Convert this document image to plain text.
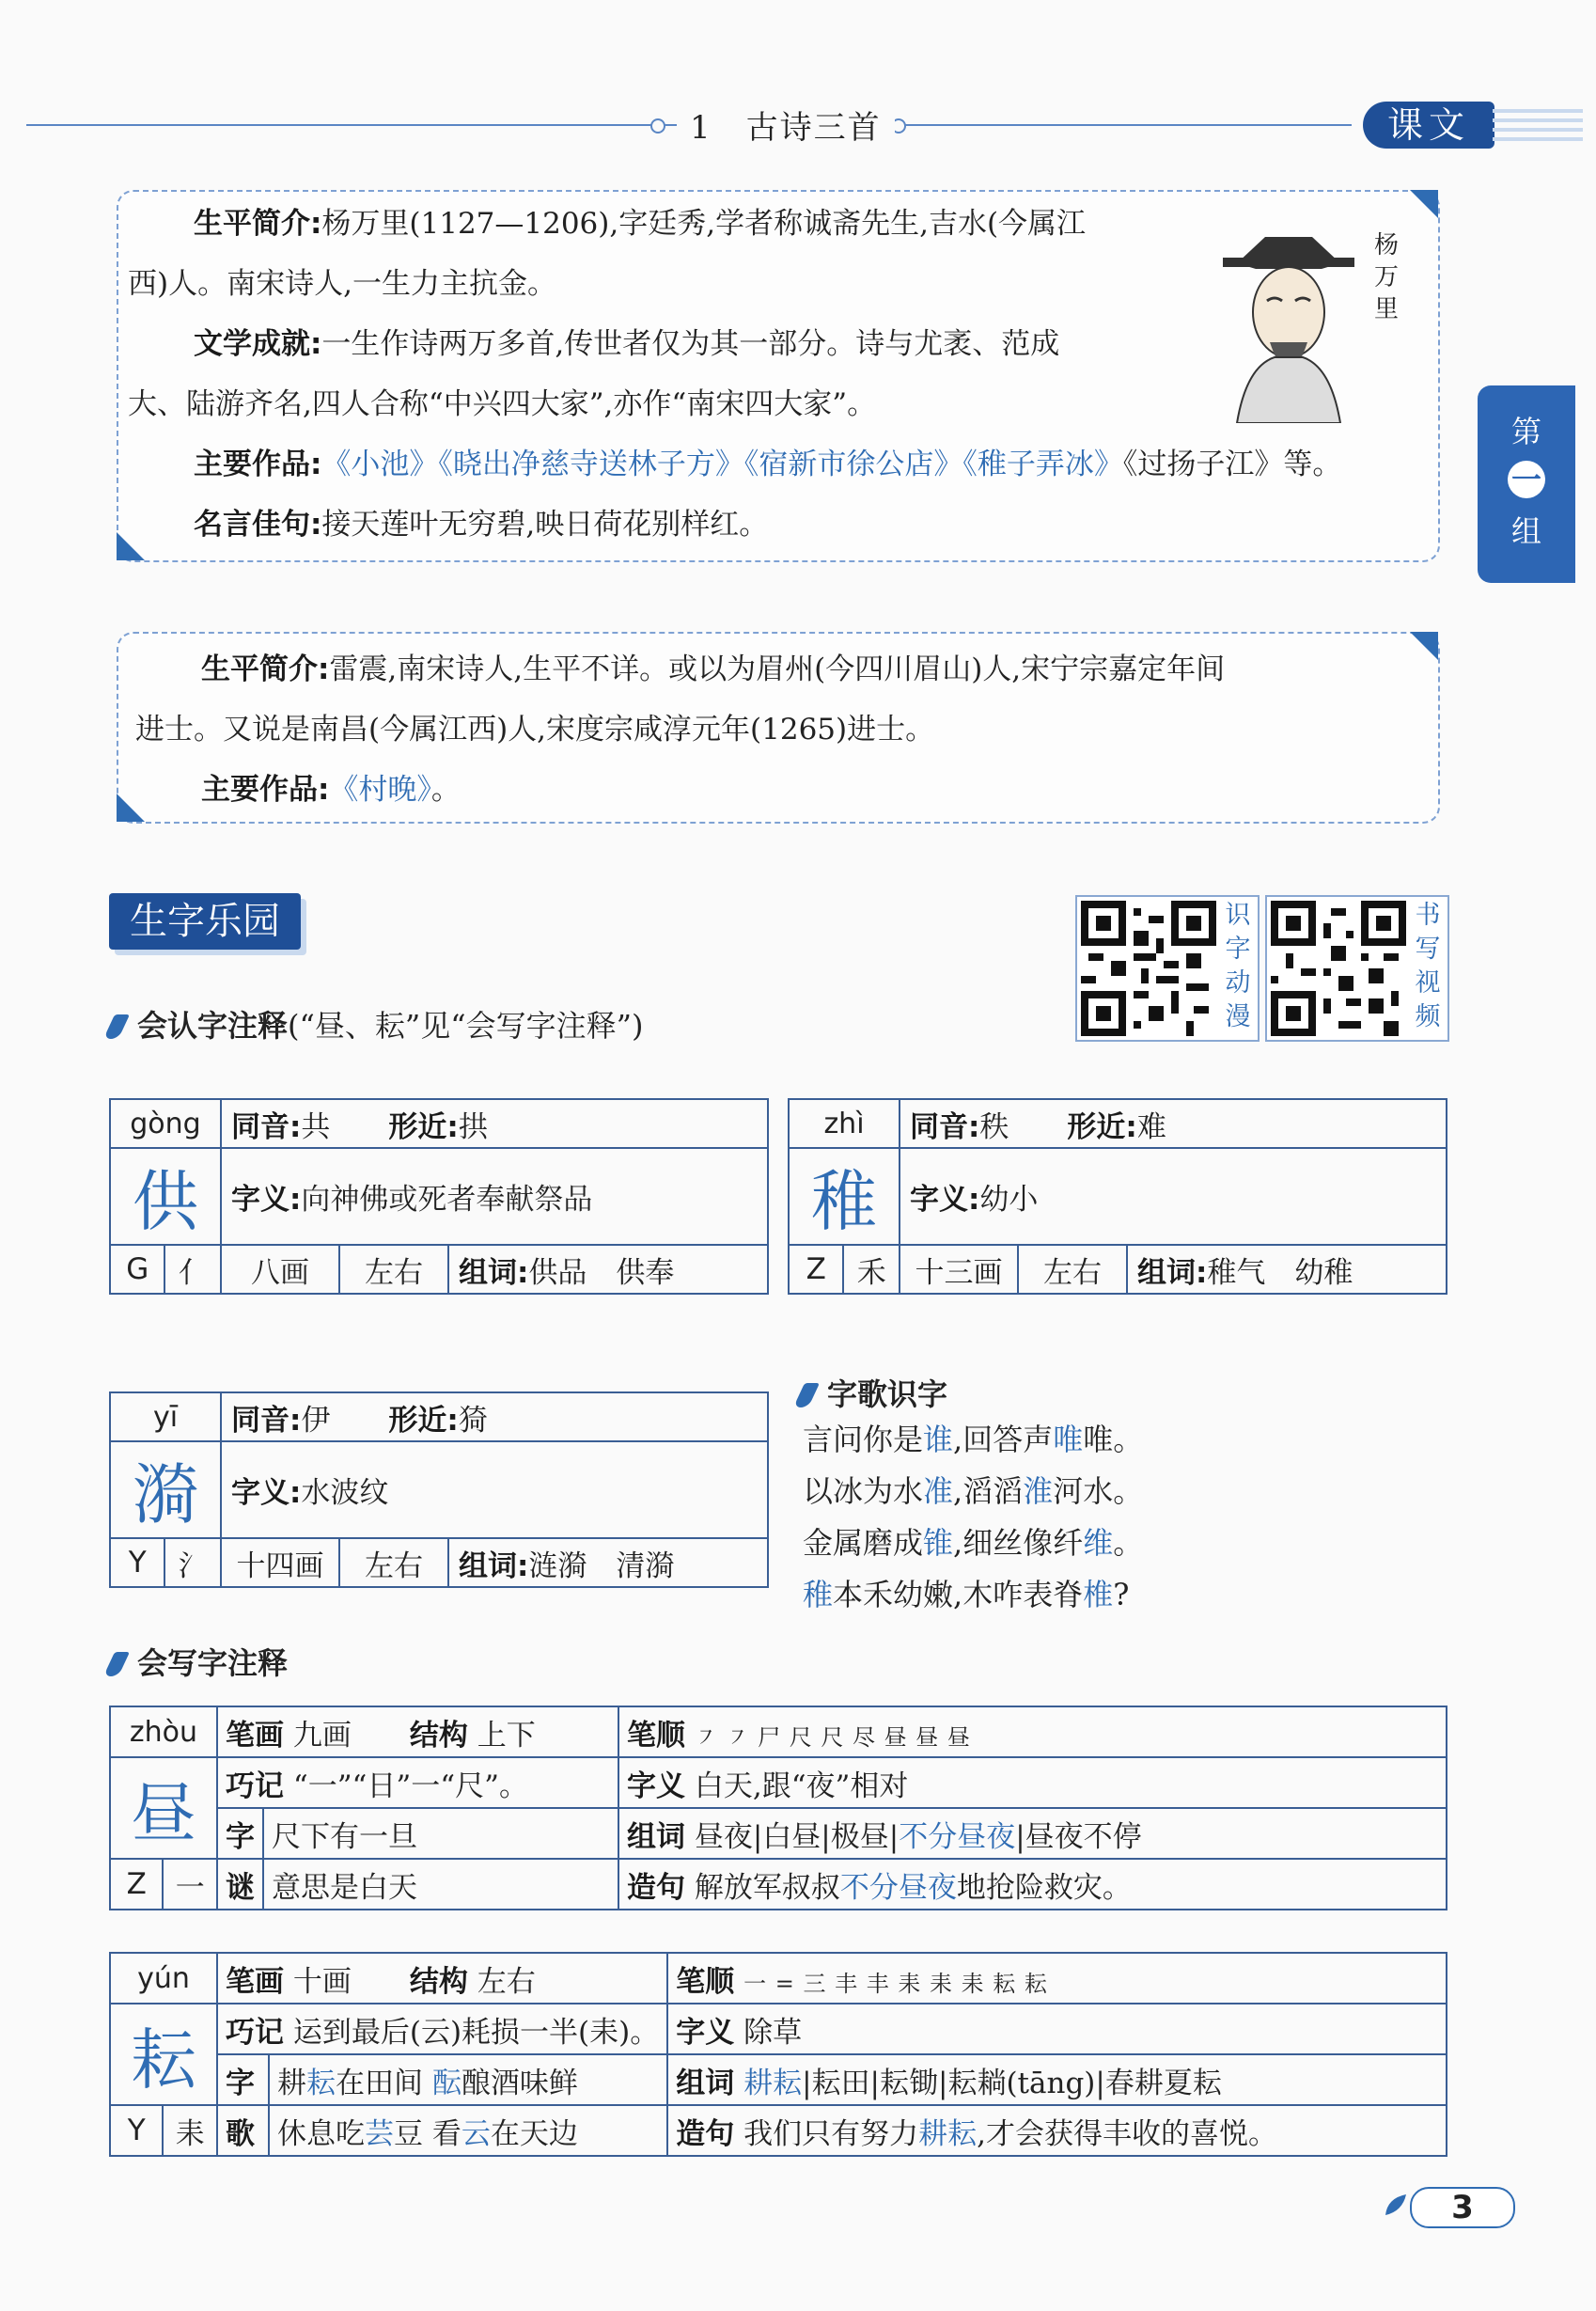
1　古诗三首	课文
第
一
组
生平简介:杨万里(1127—1206),字廷秀,学者称诚斋先生,吉水(今属江
西)人。南宋诗人,一生力主抗金。
文学成就:一生作诗两万多首,传世者仅为其一部分。诗与尤袤、范成
大、陆游齐名,四人合称“中兴四大家”,亦作“南宋四大家”。
主要作品:《小池》《晓出净慈寺送林子方》《宿新市徐公店》《稚子弄冰》《过扬子江》等。
名言佳句:接天莲叶无穷碧,映日荷花别样红。
杨万里
生平简介:雷震,南宋诗人,生平不详。或以为眉州(今四川眉山)人,宋宁宗嘉定年间
进士。又说是南昌(今属江西)人,宋度宗咸淳元年(1265)进士。
主要作品:《村晚》。
生字乐园	识
字
动
漫
书
写
视
频
会认字注释(“昼、耘”见“会写字注释”)
gòng		同音:共　　 形近:拱		
供		字义:向神佛或死者奉献祭品		
G	亻	八画	左右	组词:供品　供奉
zhì		同音:秩　　 形近:难		
稚		字义:幼小		
Z	禾	十三画	左右	组词:稚气　幼稚
yī		同音:伊　　 形近:猗		
漪		字义:水波纹		
Y	氵	十四画	左右	组词:涟漪　清漪
字歌识字
言问你是谁,回答声唯唯。
以冰为水准,滔滔淮河水。
金属磨成锥,细丝像纤维。
稚本禾幼嫩,木咋表脊椎?
会写字注释
zhòu		笔画 九画　　 结构 上下		笔顺 ㇇ ㇇ 尸 尺 尺 尽 昼 昼 昼
昼		巧记 “一”“日”一“尺”。		字义 白天,跟“夜”相对
		字	尺下有一旦	组词 昼夜|白昼|极昼|不分昼夜|昼夜不停
Z	一	谜	意思是白天	造句 解放军叔叔不分昼夜地抢险救灾。
yún		笔画 十画　　 结构 左右		笔顺 一 = 三 丰 丰 耒 耒 耒 耘 耘
耘		巧记 运到最后(云)耗损一半(耒)。		字义 除草
		字	耕耘在田间 酝酿酒味鲜	组词 耕耘|耘田|耘锄|耘耥(tāng)|春耕夏耘
Y	耒	歌	休息吃芸豆 看云在天边	造句 我们只有努力耕耘,才会获得丰收的喜悦。
3
